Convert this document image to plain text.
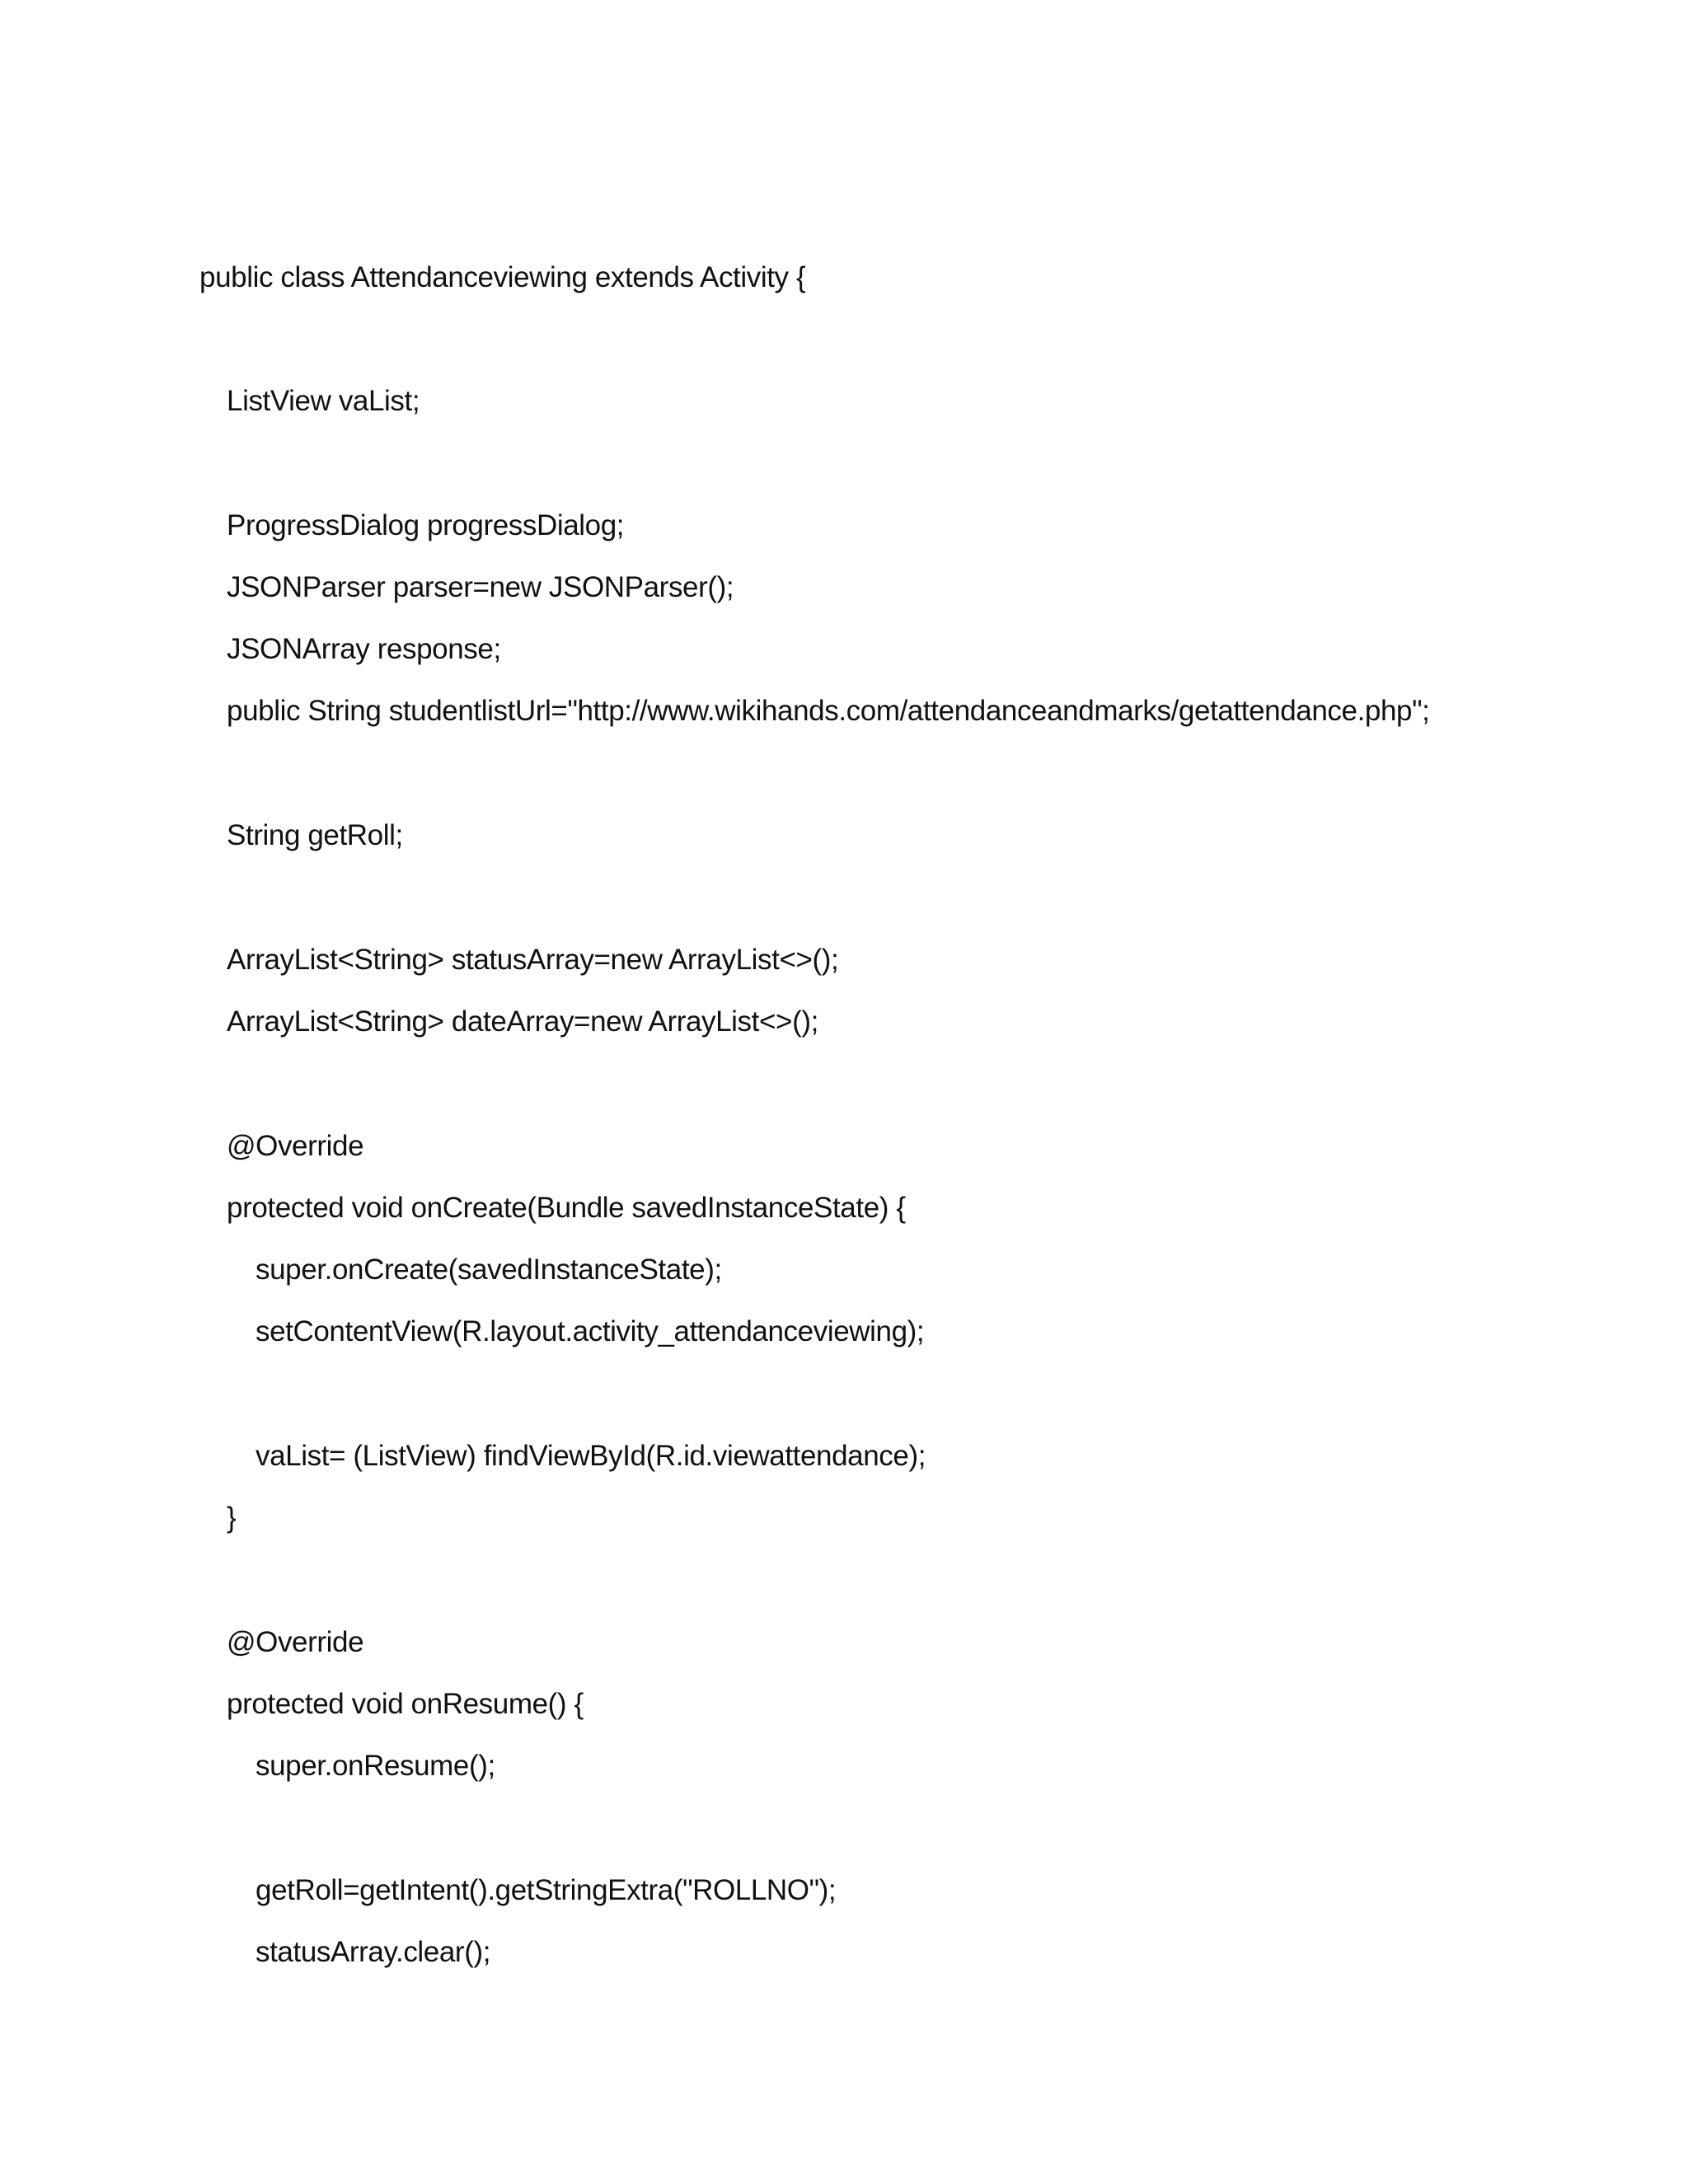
public class Attendanceviewing extends Activity {
ListView vaList;
ProgressDialog progressDialog;
JSONParser parser=new JSONParser();
JSONArray response;
public String studentlistUrl="http://www.wikihands.com/attendanceandmarks/getattendance.php";
String getRoll;
ArrayList<String> statusArray=new ArrayList<>();
ArrayList<String> dateArray=new ArrayList<>();
@Override
protected void onCreate(Bundle savedInstanceState) {
super.onCreate(savedInstanceState);
setContentView(R.layout.activity_attendanceviewing);
vaList= (ListView) findViewById(R.id.viewattendance);
}
@Override
protected void onResume() {
super.onResume();
getRoll=getIntent().getStringExtra("ROLLNO");
statusArray.clear();
